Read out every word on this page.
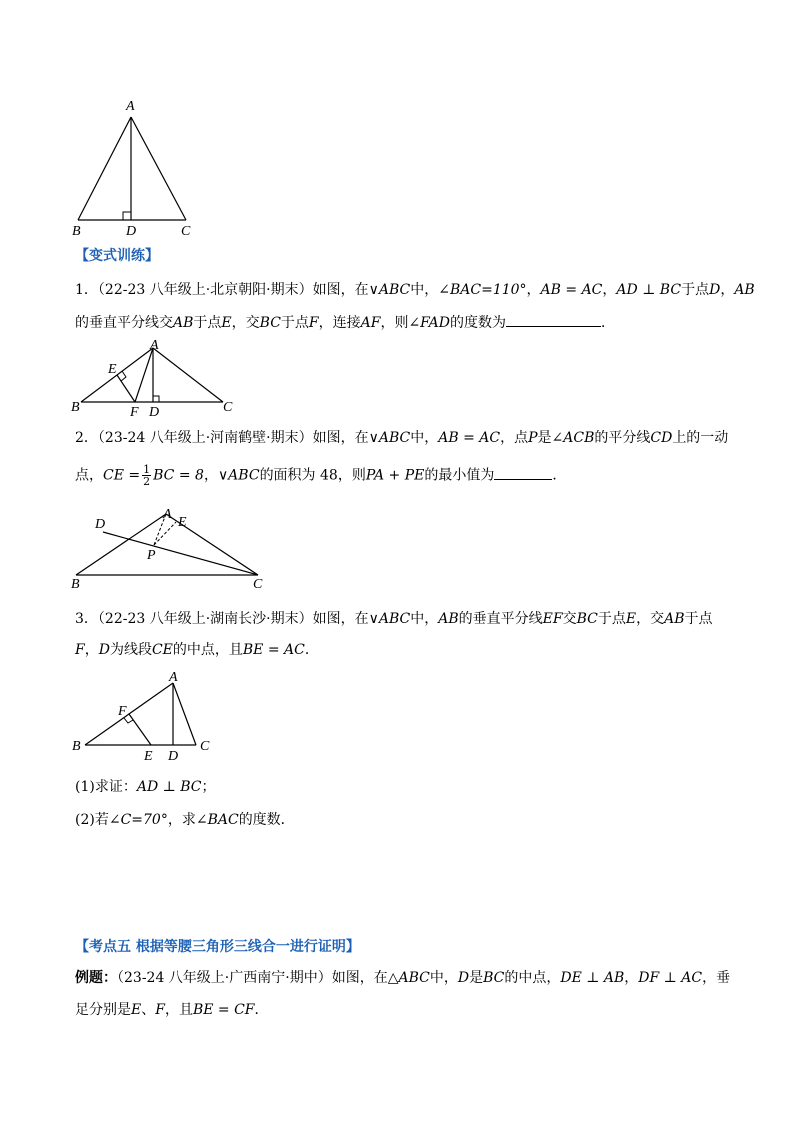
A
B	D	C
【变式训练】
1．（22-23 八年级上·北京朝阳·期末）如图，在∨ABC中，∠BAC=110°，AB = AC，AD ⊥ BC于点D，AB
的垂直平分线交AB于点E，交BC于点F，连接AF，则∠FAD的度数为	．
A
E
B	F D	C
2．（23-24 八年级上·河南鹤壁·期末）如图，在∨ABC中，AB = AC，点P是∠ACB的平分线CD上的一动
点，CE = $\frac{1}{2}$ BC = 8，∨ABC的面积为 48，则PA + PE的最小值为	．
D
A
E
P
B	C
3．（22-23 八年级上·湖南长沙·期末）如图，在∨ABC中，AB的垂直平分线EF交BC于点E，交AB于点
F，D为线段CE的中点，且BE = AC．
A
F
B
E D
C
(1)求证：AD ⊥ BC；
(2)若∠C=70°，求∠BAC的度数．
【考点五 根据等腰三角形三线合一进行证明】
例题：（23-24 八年级上·广西南宁·期中）如图，在△ABC中，D是BC的中点，DE ⊥ AB，DF ⊥ AC，垂
足分别是E、F，且BE = CF．
